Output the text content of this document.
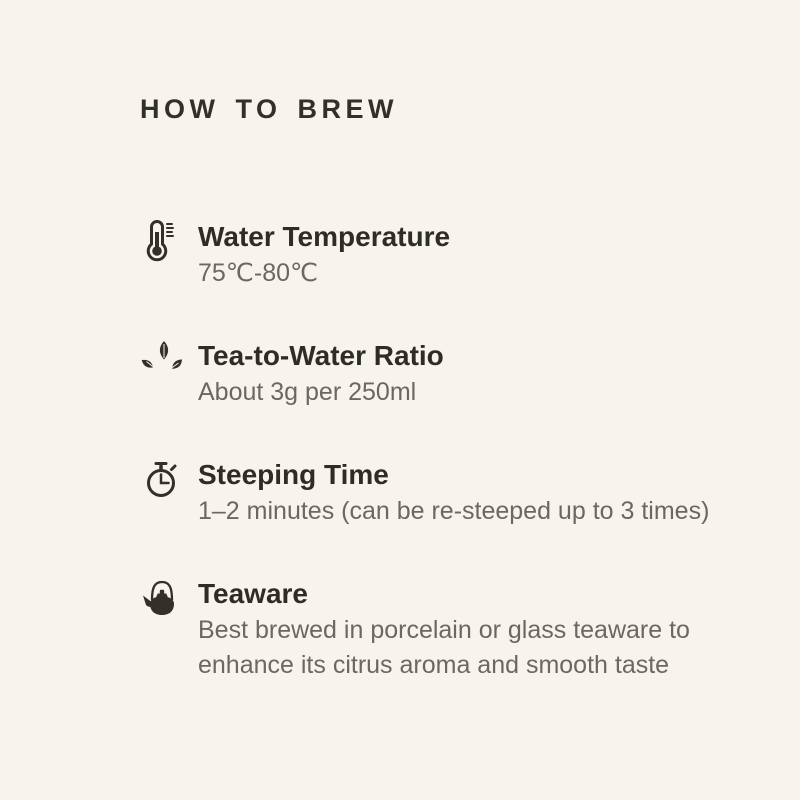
HOW TO BREW
Water Temperature
75℃-80℃
Tea-to-Water Ratio
About 3g per 250ml
Steeping Time
1–2 minutes (can be re-steeped up to 3 times)
Teaware
Best brewed in porcelain or glass teaware to enhance its citrus aroma and smooth taste
